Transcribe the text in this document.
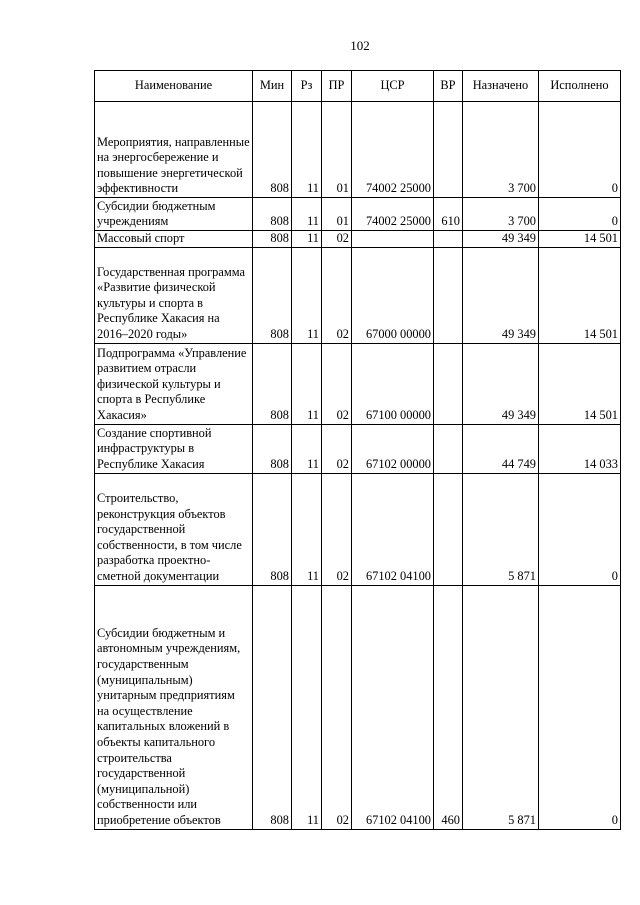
102
Наименование	Мин	Рз	ПР	ЦСР	ВР	Назначено	Исполнено
Мероприятия, направленные на энергосбережение и повышение энергетической эффективности	808	11	01	74002 25000		3 700	0
Субсидии бюджетным учреждениям	808	11	01	74002 25000	610	3 700	0
Массовый спорт	808	11	02			49 349	14 501
Государственная программа «Развитие физической культуры и спорта в Республике Хакасия на 2016–2020 годы»	808	11	02	67000 00000		49 349	14 501
Подпрограмма «Управление развитием отрасли физической культуры и спорта в Республике Хакасия»	808	11	02	67100 00000		49 349	14 501
Создание спортивной инфраструктуры в Республике Хакасия	808	11	02	67102 00000		44 749	14 033
Строительство, реконструкция объектов государственной собственности, в том числе разработка проектно-сметной документации	808	11	02	67102 04100		5 871	0
Субсидии бюджетным и автономным учреждениям, государственным (муниципальным) унитарным предприятиям на осуществление капитальных вложений в объекты капитального строительства государственной (муниципальной) собственности или приобретение объектов	808	11	02	67102 04100	460	5 871	0
